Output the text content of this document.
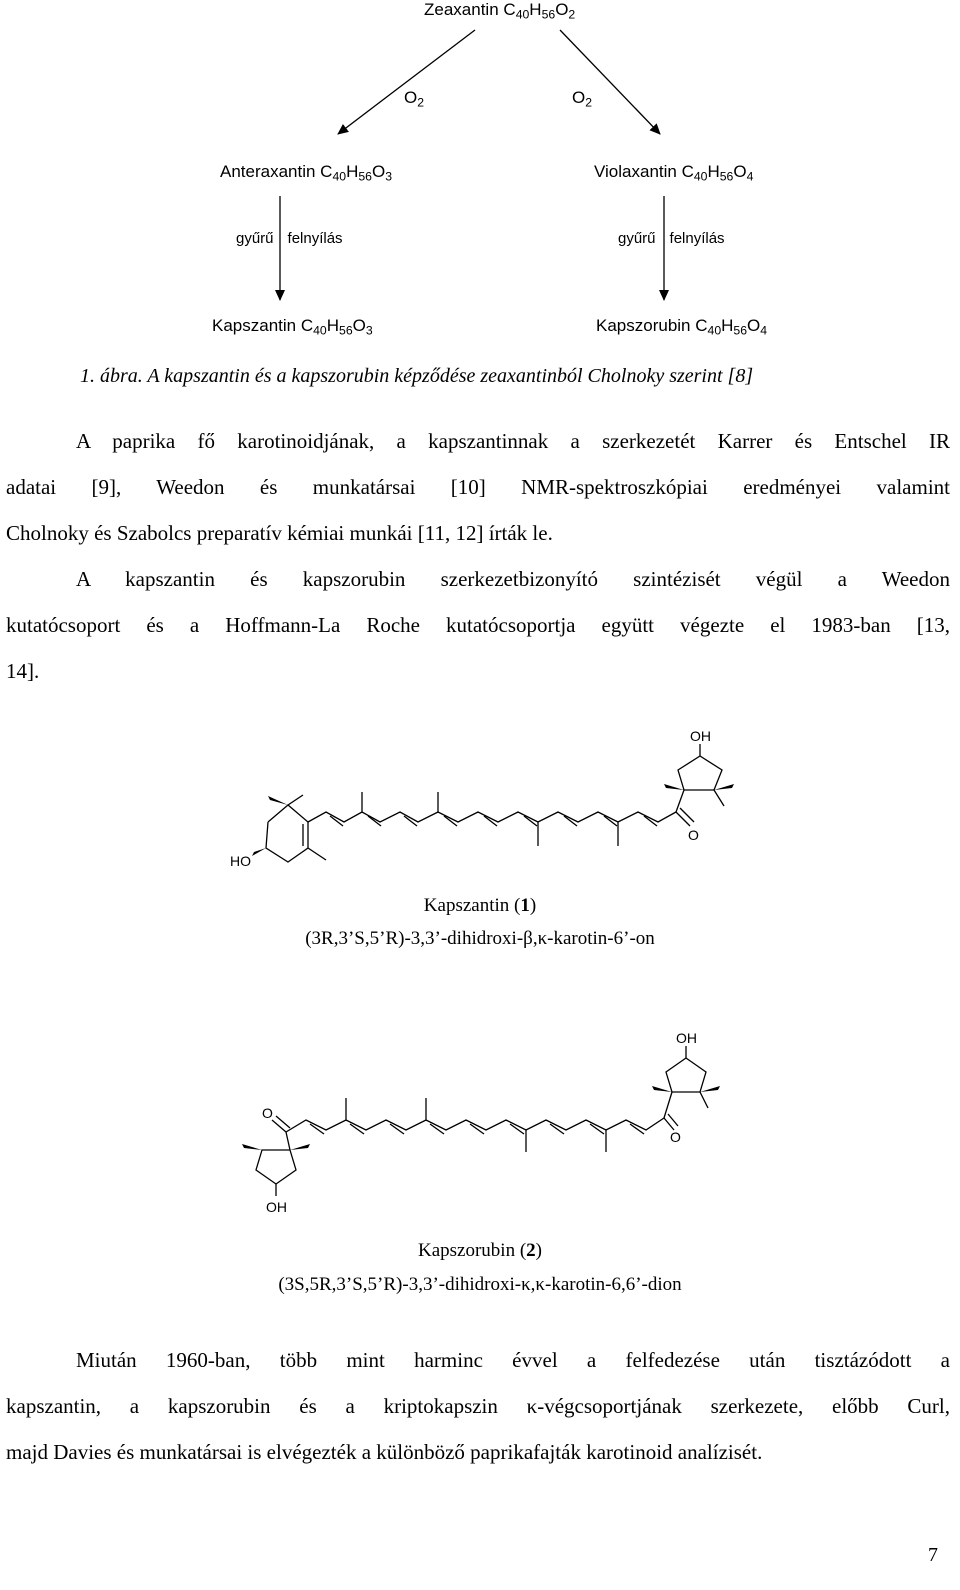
Zeaxantin $C_{40}H_{56}O_2$
$O_2$	$O_2$
Anteraxantin $C_{40}H_{56}O_3$	Violaxantin $C_{40}H_{56}O_4$
gyűrű felnyílás	gyűrű felnyílás
Kapszantin $C_{40}H_{56}O_3$	Kapszorubin $C_{40}H_{56}O_4$
1. ábra. A kapszantin és a kapszorubin képződése zeaxantinból Cholnoky szerint [8]
A paprika fő karotinoidjának, a kapszantinnak a szerkezetét Karrer és Entschel IR
adatai [9], Weedon és munkatársai [10] NMR-spektroszkópiai eredményei valamint
Cholnoky és Szabolcs preparatív kémiai munkái [11, 12] írták le.
A kapszantin és kapszorubin szerkezetbizonyító szintézisét végül a Weedon
kutatócsoport és a Hoffmann-La Roche kutatócsoportja együtt végezte el 1983-ban [13,
14].
OH
HO
O
Kapszantin (1)
(3R,3’S,5’R)-3,3’-dihidroxi-β,κ-karotin-6’-on
OH
O
O
OH
Kapszorubin (2)
(3S,5R,3’S,5’R)-3,3’-dihidroxi-κ,κ-karotin-6,6’-dion
Miután 1960-ban, több mint harminc évvel a felfedezése után tisztázódott a
kapszantin, a kapszorubin és a kriptokapszin κ-végcsoportjának szerkezete, előbb Curl,
majd Davies és munkatársai is elvégezték a különböző paprikafajták karotinoid analízisét.
7
